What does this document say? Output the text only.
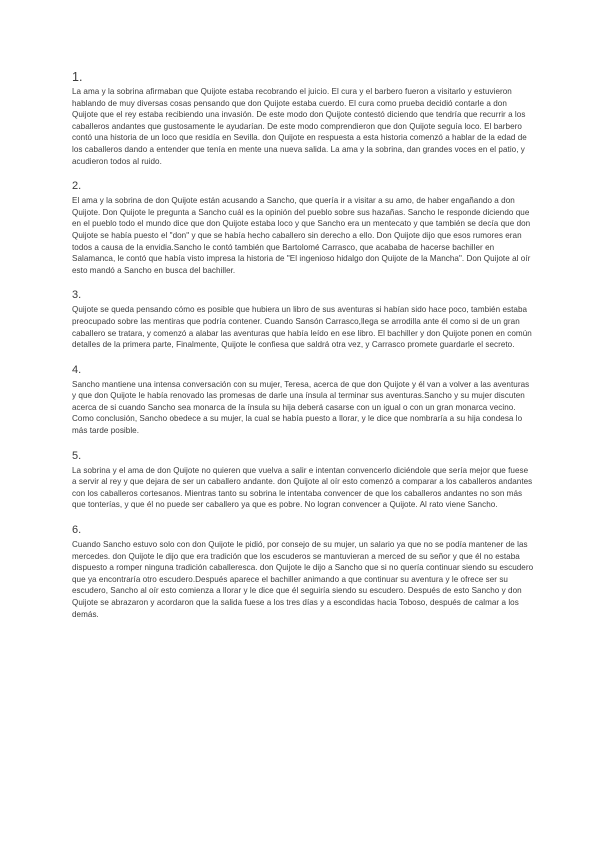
1.

La ama y la sobrina afirmaban que Quijote estaba recobrando el juicio. El cura y el barbero fueron a visitarlo y estuvieron hablando de muy diversas cosas pensando que don Quijote estaba cuerdo. El cura como prueba decidió contarle a don Quijote que el rey estaba recibiendo una invasión. De este modo don Quijote contestó diciendo que tendría que recurrir a los caballeros andantes que gustosamente le ayudarían. De este modo comprendieron que don Quijote seguía loco. El barbero contó una historia de un loco que residía en Sevilla. don Quijote en respuesta a esta historia comenzó a hablar de la edad de los caballeros dando a entender que tenía en mente una nueva salida. La ama y la sobrina, dan grandes voces en el patio, y acudieron todos al ruido.

2.

El ama y la sobrina de don Quijote están acusando a Sancho, que quería ir a visitar a su amo, de haber engañando a don Quijote. Don Quijote le pregunta a Sancho cuál es la opinión del pueblo sobre sus hazañas. Sancho le responde diciendo que en el pueblo todo el mundo dice que don Quijote estaba loco y que Sancho era un mentecato y que también se decía que don Quijote se había puesto el "don" y que se había hecho caballero sin derecho a ello. Don Quijote dijo que esos rumores eran todos a causa de la envidia.Sancho le contó también que Bartolomé Carrasco, que acababa de hacerse bachiller en Salamanca, le contó que había visto impresa la historia de "El ingenioso hidalgo don Quijote de la Mancha". Don Quijote al oír esto mandó a Sancho en busca del bachiller.

3.

Quijote se queda pensando cómo es posible que hubiera un libro de sus aventuras si habían sido hace poco, también estaba preocupado sobre las mentiras que podría contener. Cuando Sansón Carrasco,llega se arrodilla ante él como si de un gran caballero se tratara, y comenzó a alabar las aventuras que había leído en ese libro. El bachiller y don Quijote ponen en común detalles de la primera parte, Finalmente, Quijote le confiesa que saldrá otra vez, y Carrasco promete guardarle el secreto.

4.

Sancho mantiene una intensa conversación con su mujer, Teresa, acerca de que don Quijote y él van a volver a las aventuras y que don Quijote le había renovado las promesas de darle una ínsula al terminar sus aventuras.Sancho y su mujer discuten acerca de si cuando Sancho sea monarca de la ínsula su hija deberá casarse con un igual o con un gran monarca vecino. Como conclusión, Sancho obedece a su mujer, la cual se había puesto a llorar, y le dice que nombraría a su hija condesa lo más tarde posible.

5.

La sobrina y el ama de don Quijote no quieren que vuelva a salir e intentan convencerlo diciéndole que sería mejor que fuese a servir al rey y que dejara de ser un caballero andante. don Quijote al oír esto comenzó a comparar a los caballeros andantes con los caballeros cortesanos. Mientras tanto su sobrina le intentaba convencer de que los caballeros andantes no son más que tonterías, y que él no puede ser caballero ya que es pobre. No logran convencer a Quijote. Al rato viene Sancho.

6.

Cuando Sancho estuvo solo con don Quijote le pidió, por consejo de su mujer, un salario ya que no se podía mantener de las mercedes. don Quijote le dijo que era tradición que los escuderos se mantuvieran a merced de su señor y que él no estaba dispuesto a romper ninguna tradición caballeresca. don Quijote le dijo a Sancho que si no quería continuar siendo su escudero que ya encontraría otro escudero.Después aparece el bachiller animando a que continuar su aventura y le ofrece ser su escudero, Sancho al oír esto comienza a llorar y le dice que él seguiría siendo su escudero. Después de esto Sancho y don Quijote se abrazaron y acordaron que la salida fuese a los tres días y a escondidas hacia Toboso, después de calmar a los demás.
